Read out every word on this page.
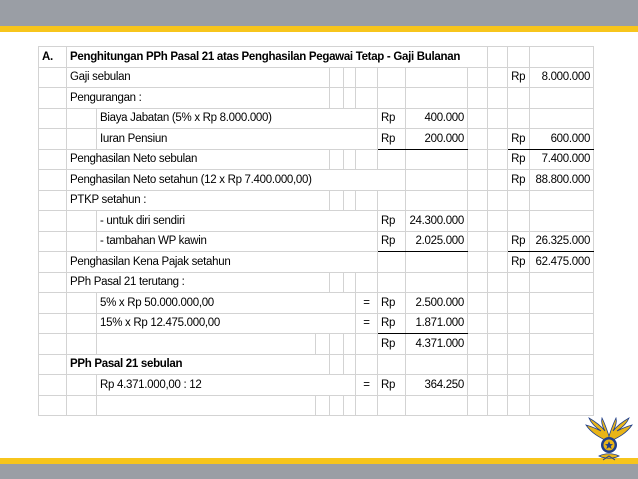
A.	Penghitungan PPh Pasal 21 atas Penghasilan Pegawai Tetap - Gaji Bulanan											
	Gaji sebulan										Rp	8.000.000
	Pengurangan :											
		Biaya Jabatan (5% x Rp 8.000.000)					Rp	400.000				
		Iuran Pensiun					Rp	200.000			Rp	600.000
	Penghasilan Neto sebulan										Rp	7.400.000
	Penghasilan Neto setahun (12 x Rp 7.400.000,00)										Rp	88.800.000
	PTKP setahun :											
		- untuk diri sendiri					Rp	24.300.000				
		- tambahan WP kawin					Rp	2.025.000			Rp	26.325.000
	Penghasilan Kena Pajak setahun										Rp	62.475.000
	PPh Pasal 21 terutang :											
		5% x Rp 50.000.000,00				=	Rp	2.500.000				
		15% x Rp 12.475.000,00				=	Rp	1.871.000				
							Rp	4.371.000				
	PPh Pasal 21 sebulan											
		Rp 4.371.000,00 : 12				=	Rp	364.250				
